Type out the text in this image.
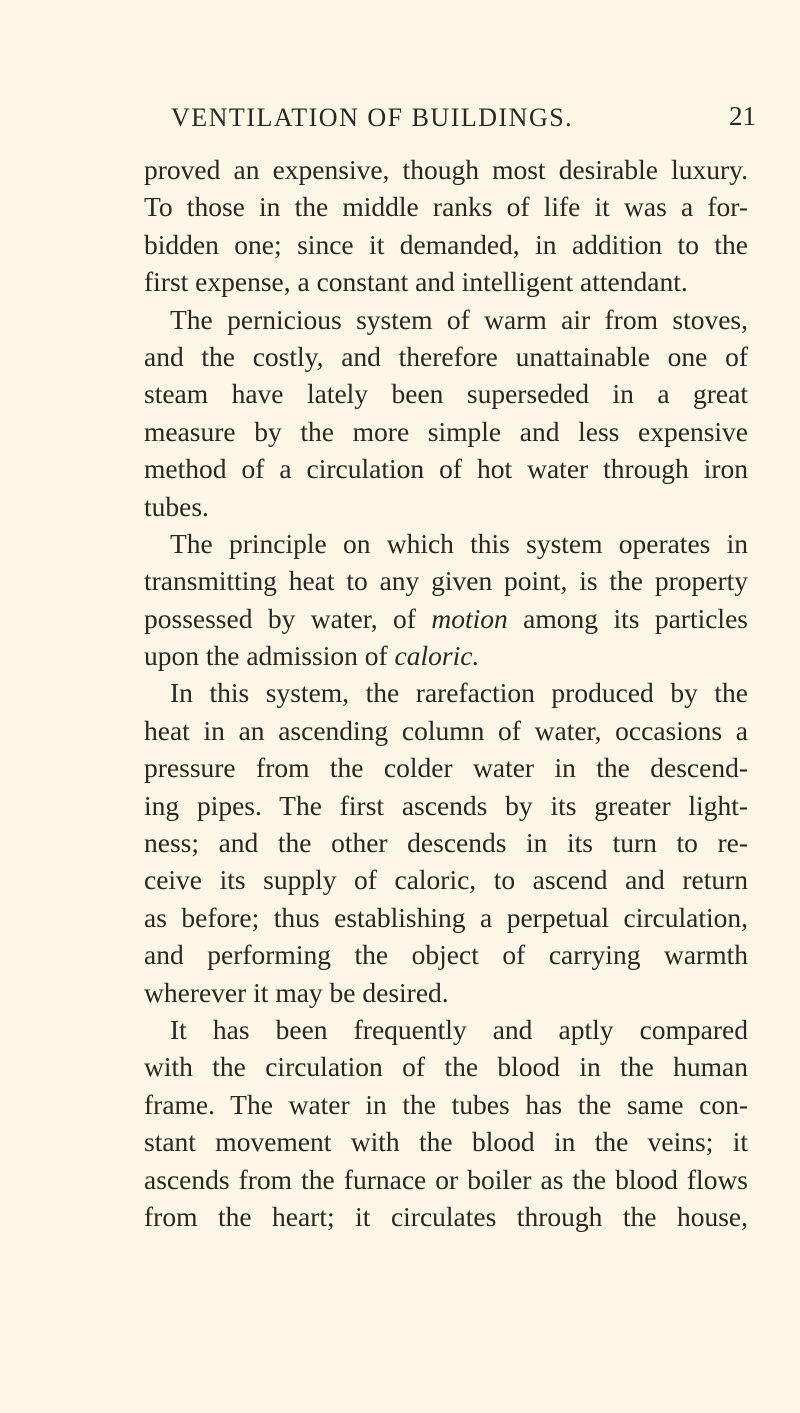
VENTILATION OF BUILDINGS.	21
proved an expensive, though most desirable luxury.
To those in the middle ranks of life it was a for-
bidden one; since it demanded, in addition to the
first expense, a constant and intelligent attendant.
The pernicious system of warm air from stoves,
and the costly, and therefore unattainable one of
steam have lately been superseded in a great
measure by the more simple and less expensive
method of a circulation of hot water through iron
tubes.
The principle on which this system operates in
transmitting heat to any given point, is the property
possessed by water, of motion among its particles
upon the admission of caloric.
In this system, the rarefaction produced by the
heat in an ascending column of water, occasions a
pressure from the colder water in the descend-
ing pipes. The first ascends by its greater light-
ness; and the other descends in its turn to re-
ceive its supply of caloric, to ascend and return
as before; thus establishing a perpetual circulation,
and performing the object of carrying warmth
wherever it may be desired.
It has been frequently and aptly compared
with the circulation of the blood in the human
frame. The water in the tubes has the same con-
stant movement with the blood in the veins; it
ascends from the furnace or boiler as the blood flows
from the heart; it circulates through the house,
